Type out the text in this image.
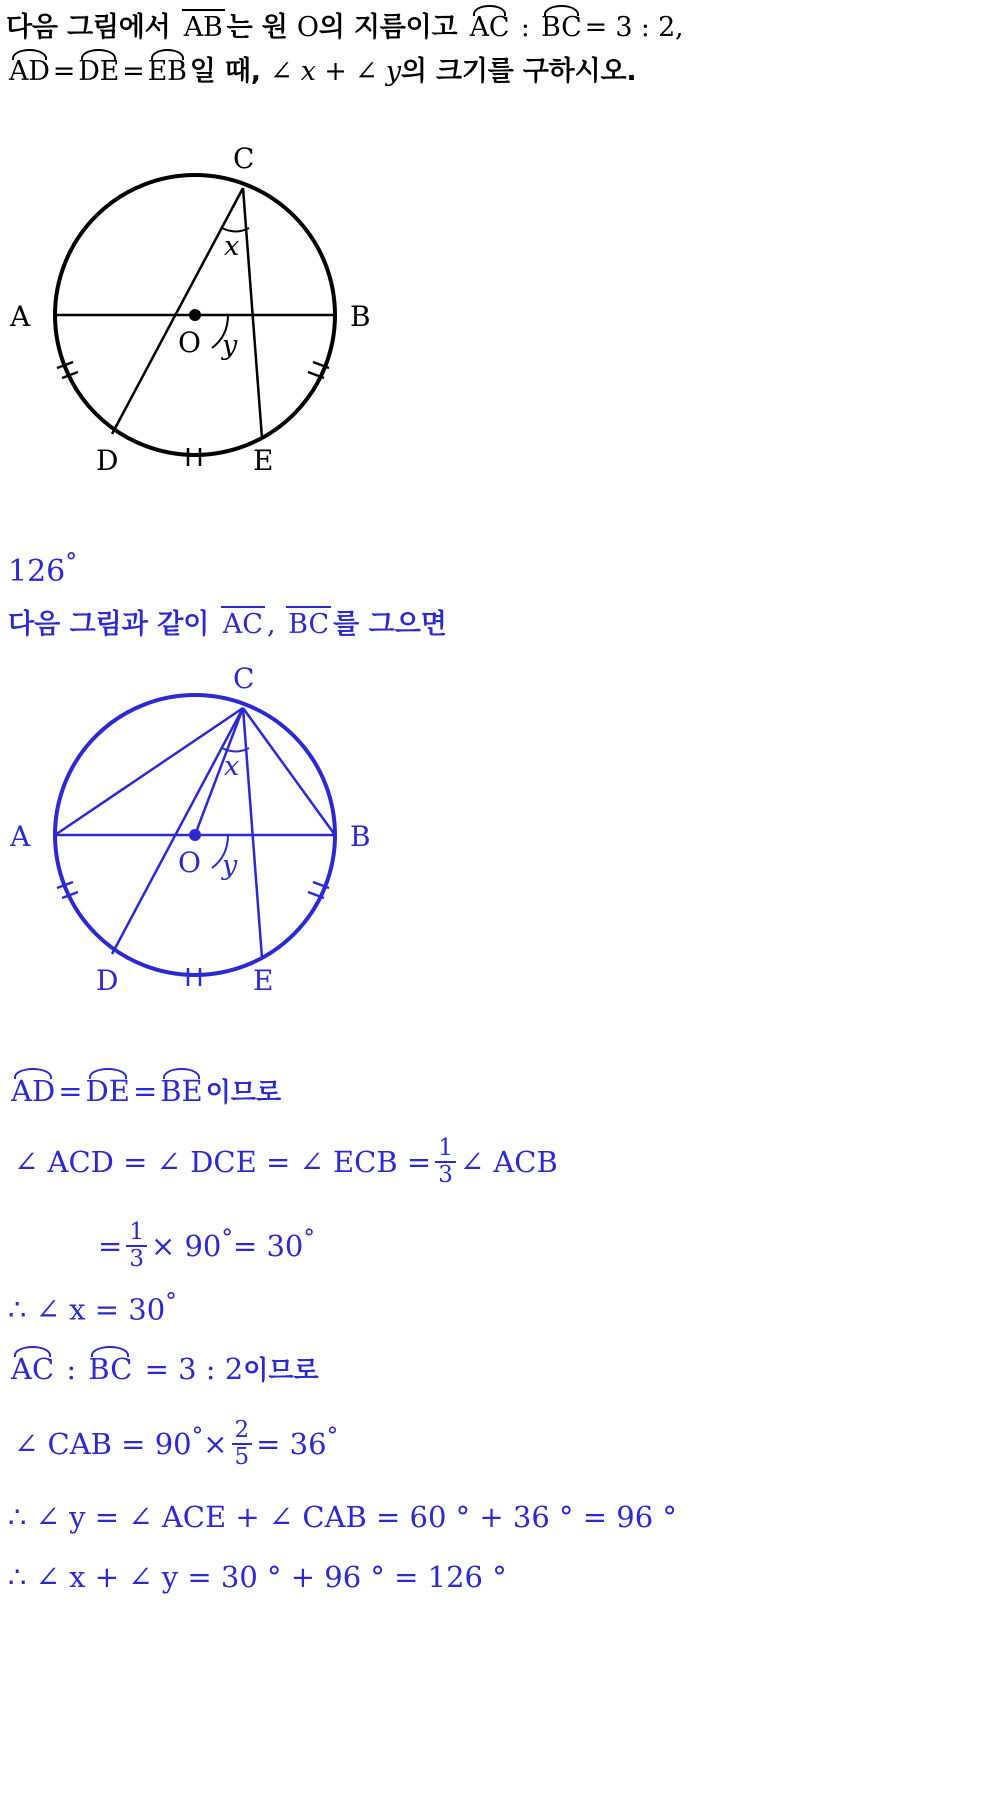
다음 그림에서 AB 는 원 O의 지름이고 AC : BC = 3 : 2,
AD = DE = EB 일 때, ∠ x + ∠ y의 크기를 구하시오.
C
A	B
D	E
O
x
y
126°
다음 그림과 같이 AC , BC 를 그으면
C
A	B
D	E
O
x
y
AD = DE = BE 이므로
∠ ACD = ∠ DCE = ∠ ECB = $\frac{1}{3}$ ∠ ACB
= $\frac{1}{3} \times 90^\circ= 30^\circ$
∴ ∠ x = 30°
AC : BC = 3 : 2이므로
∠ CAB = $90^\circ\times \frac{2}{5} = 36^\circ$
∴ ∠ y = ∠ ACE + ∠ CAB = 60 ° + 36 ° = 96 °
∴ ∠ x + ∠ y = 30 ° + 96 ° = 126 °
